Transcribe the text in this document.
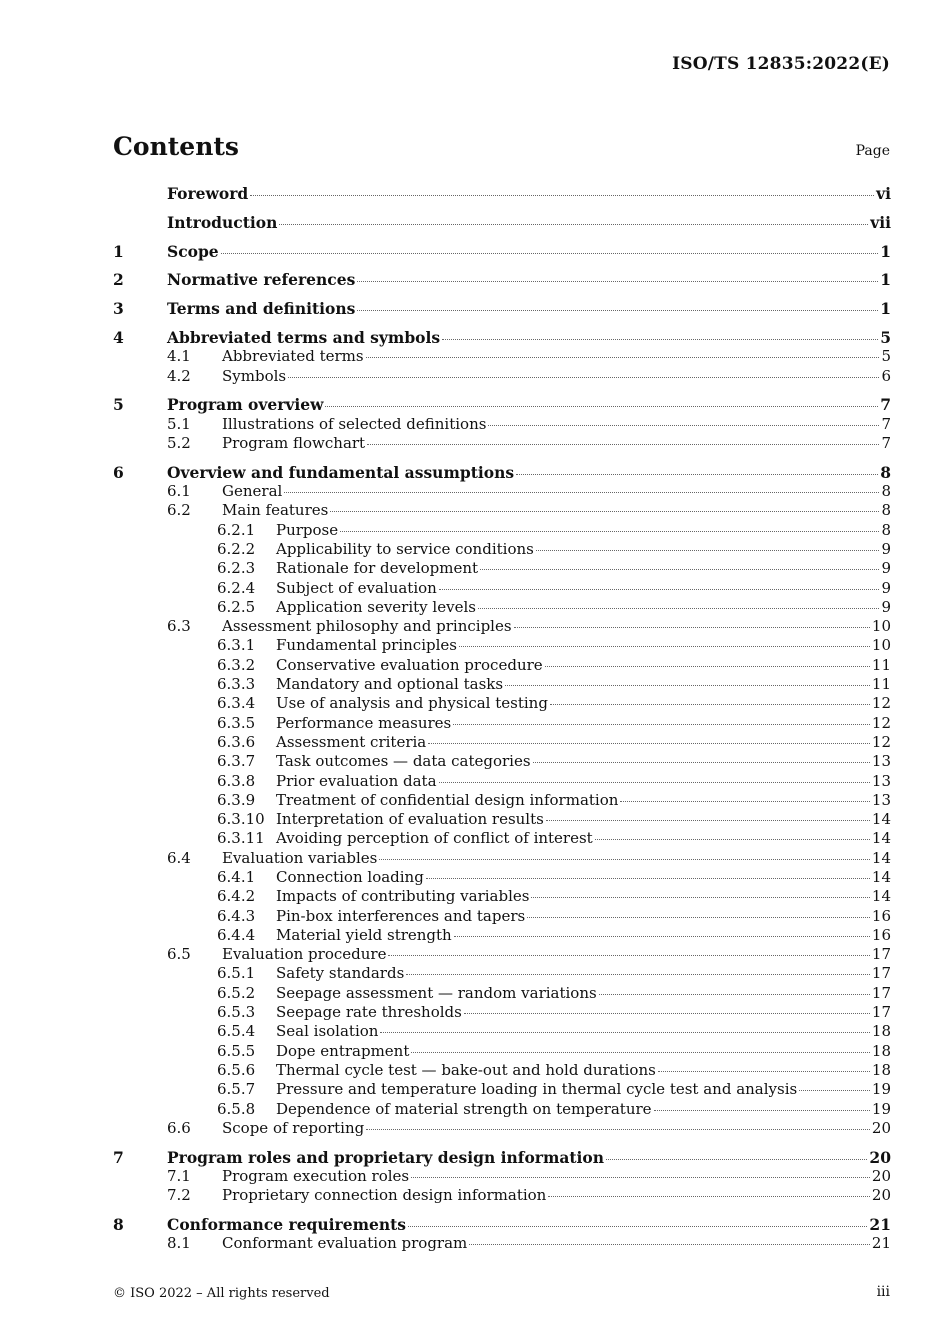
ISO/TS 12835:2022(E)
Contents	Page
Foreword	vi
Introduction	vii
1	Scope	1
2	Normative references	1
3	Terms and definitions	1
4	Abbreviated terms and symbols	5
4.1	Abbreviated terms	5
4.2	Symbols	6
5	Program overview	7
5.1	Illustrations of selected definitions	7
5.2	Program flowchart	7
6	Overview and fundamental assumptions	8
6.1	General	8
6.2	Main features	8
6.2.1	Purpose	8
6.2.2	Applicability to service conditions	9
6.2.3	Rationale for development	9
6.2.4	Subject of evaluation	9
6.2.5	Application severity levels	9
6.3	Assessment philosophy and principles	10
6.3.1	Fundamental principles	10
6.3.2	Conservative evaluation procedure	11
6.3.3	Mandatory and optional tasks	11
6.3.4	Use of analysis and physical testing	12
6.3.5	Performance measures	12
6.3.6	Assessment criteria	12
6.3.7	Task outcomes — data categories	13
6.3.8	Prior evaluation data	13
6.3.9	Treatment of confidential design information	13
6.3.10 Interpretation of evaluation results	14
6.3.11 Avoiding perception of conflict of interest	14
6.4	Evaluation variables	14
6.4.1	Connection loading	14
6.4.2	Impacts of contributing variables	14
6.4.3	Pin-box interferences and tapers	16
6.4.4	Material yield strength	16
6.5	Evaluation procedure	17
6.5.1	Safety standards	17
6.5.2	Seepage assessment — random variations	17
6.5.3	Seepage rate thresholds	17
6.5.4	Seal isolation	18
6.5.5	Dope entrapment	18
6.5.6	Thermal cycle test — bake-out and hold durations	18
6.5.7	Pressure and temperature loading in thermal cycle test and analysis	19
6.5.8	Dependence of material strength on temperature	19
6.6	Scope of reporting	20
7	Program roles and proprietary design information	20
7.1	Program execution roles	20
7.2	Proprietary connection design information	20
8	Conformance requirements	21
8.1	Conformant evaluation program	21
© ISO 2022 – All rights reserved	iii
